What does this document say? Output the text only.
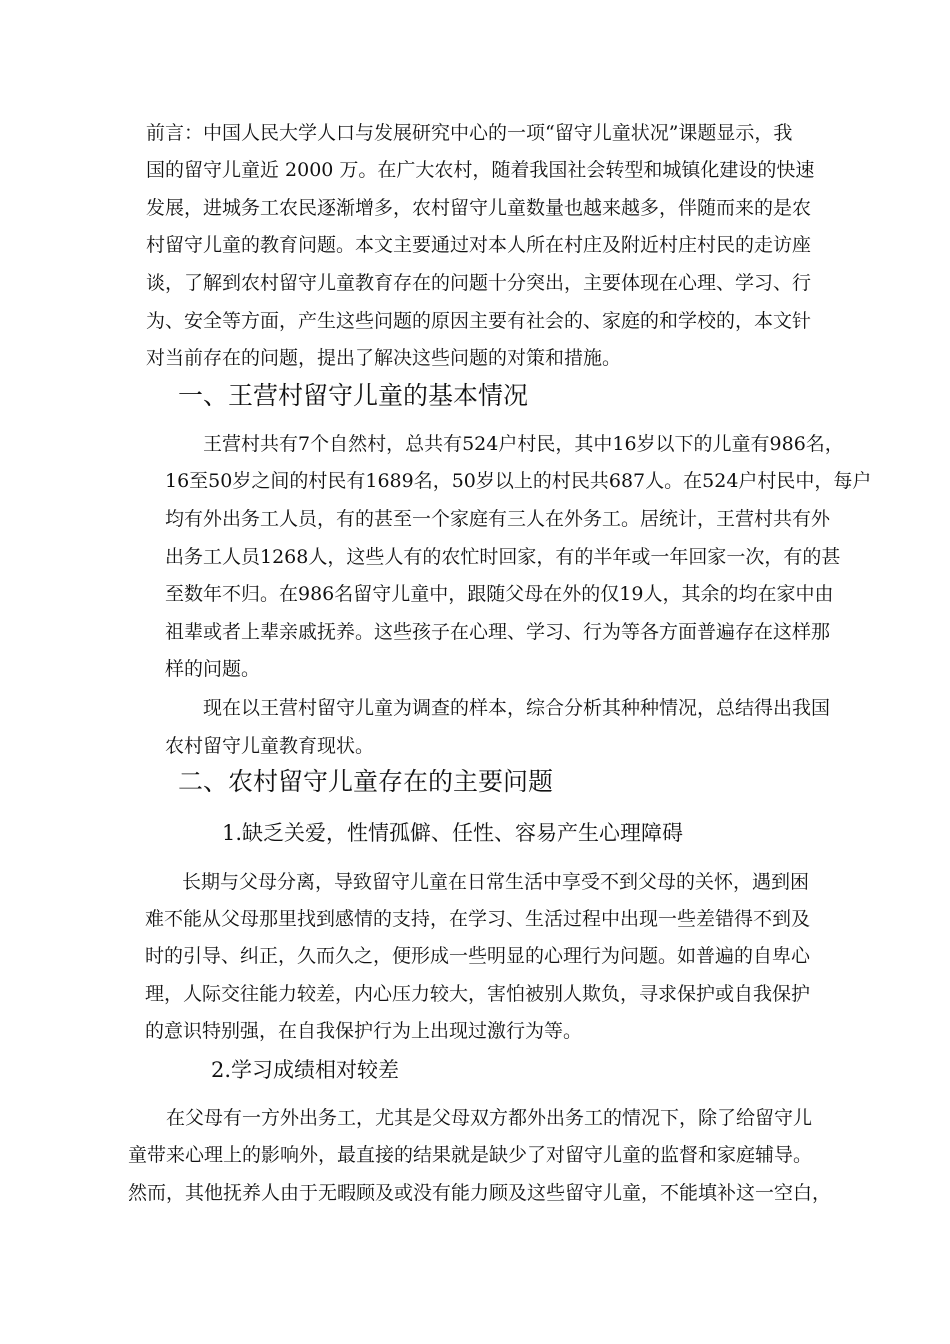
前言：中国人民大学人口与发展研究中心的一项“留守儿童状况”课题显示，我
国的留守儿童近 2000 万。在广大农村，随着我国社会转型和城镇化建设的快速
发展，进城务工农民逐渐增多，农村留守儿童数量也越来越多，伴随而来的是农
村留守儿童的教育问题。本文主要通过对本人所在村庄及附近村庄村民的走访座
谈，了解到农村留守儿童教育存在的问题十分突出，主要体现在心理、学习、行
为、安全等方面，产生这些问题的原因主要有社会的、家庭的和学校的，本文针
对当前存在的问题，提出了解决这些问题的对策和措施。
一、王营村留守儿童的基本情况
王营村共有7个自然村，总共有524户村民，其中16岁以下的儿童有986名，
16至50岁之间的村民有1689名，50岁以上的村民共687人。在524户村民中，每户
均有外出务工人员，有的甚至一个家庭有三人在外务工。居统计，王营村共有外
出务工人员1268人，这些人有的农忙时回家，有的半年或一年回家一次，有的甚
至数年不归。在986名留守儿童中，跟随父母在外的仅19人，其余的均在家中由
祖辈或者上辈亲戚抚养。这些孩子在心理、学习、行为等各方面普遍存在这样那
样的问题。
现在以王营村留守儿童为调查的样本，综合分析其种种情况，总结得出我国
农村留守儿童教育现状。
二、农村留守儿童存在的主要问题
1.缺乏关爱，性情孤僻、任性、容易产生心理障碍
长期与父母分离，导致留守儿童在日常生活中享受不到父母的关怀，遇到困
难不能从父母那里找到感情的支持，在学习、生活过程中出现一些差错得不到及
时的引导、纠正，久而久之，便形成一些明显的心理行为问题。如普遍的自卑心
理，人际交往能力较差，内心压力较大，害怕被别人欺负，寻求保护或自我保护
的意识特别强，在自我保护行为上出现过激行为等。
2.学习成绩相对较差
在父母有一方外出务工，尤其是父母双方都外出务工的情况下，除了给留守儿
童带来心理上的影响外，最直接的结果就是缺少了对留守儿童的监督和家庭辅导。
然而，其他抚养人由于无暇顾及或没有能力顾及这些留守儿童，不能填补这一空白，
